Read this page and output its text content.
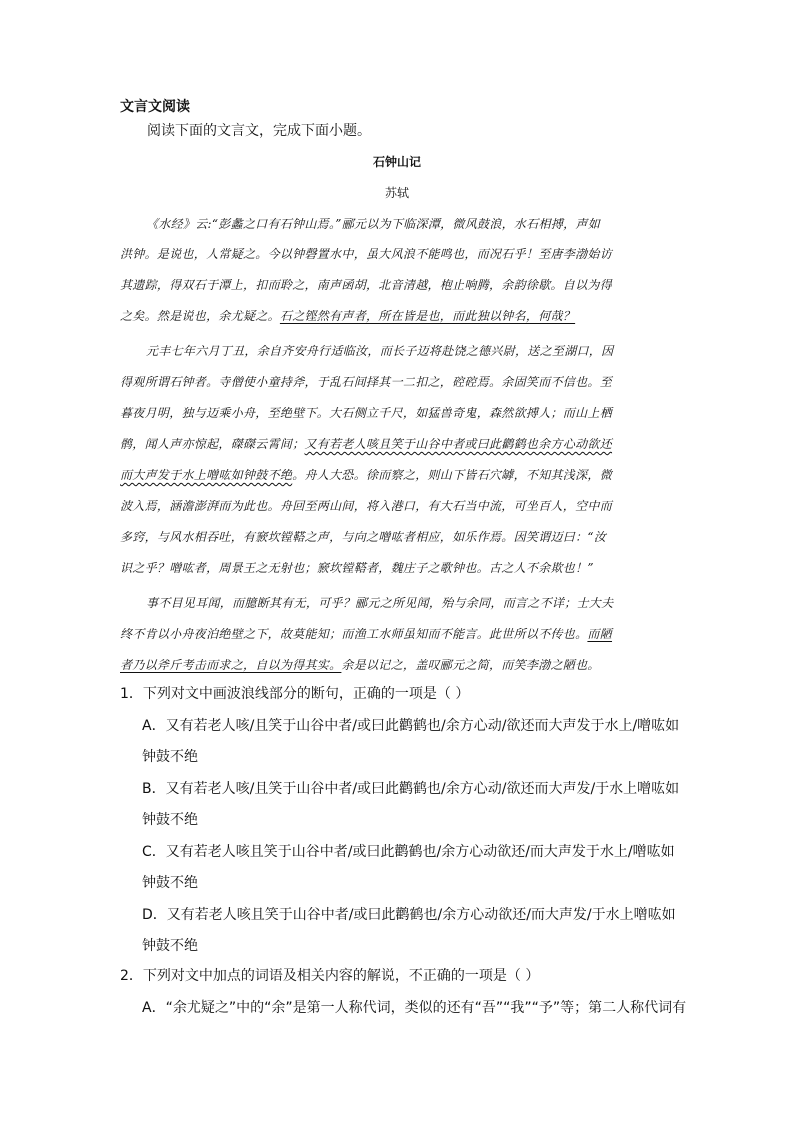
文言文阅读
阅读下面的文言文，完成下面小题。
石钟山记
苏轼
《水经》云:“彭蠡之口有石钟山焉。”郦元以为下临深潭，微风鼓浪，水石相搏，声如
洪钟。是说也，人常疑之。今以钟磬置水中，虽大风浪不能鸣也，而况石乎！至唐李渤始访
其遗踪，得双石于潭上，扣而聆之，南声函胡，北音清越，枹止响腾，余韵徐歇。自以为得
之矣。然是说也，余尤疑之。石之铿然有声者，所在皆是也，而此独以钟名，何哉？
元丰七年六月丁丑，余自齐安舟行适临汝，而长子迈将赴饶之德兴尉，送之至湖口，因
得观所谓石钟者。寺僧使小童持斧，于乱石间择其一二扣之，硿硿焉。余固笑而不信也。至
暮夜月明，独与迈乘小舟，至绝壁下。大石侧立千尺，如猛兽奇鬼，森然欲搏人；而山上栖
鹘，闻人声亦惊起，磔磔云霄间；又有若老人咳且笑于山谷中者或曰此鹳鹤也余方心动欲还
而大声发于水上噌吰如钟鼓不绝。舟人大恐。徐而察之，则山下皆石穴罅，不知其浅深，微
波入焉，涵澹澎湃而为此也。舟回至两山间，将入港口，有大石当中流，可坐百人，空中而
多窍，与风水相吞吐，有窾坎镗鞳之声，与向之噌吰者相应，如乐作焉。因笑谓迈曰：“汝
识之乎？噌吰者，周景王之无射也；窾坎镗鞳者，魏庄子之歌钟也。古之人不余欺也！”
事不目见耳闻，而臆断其有无，可乎？郦元之所见闻，殆与余同，而言之不详；士大夫
终不肯以小舟夜泊绝壁之下，故莫能知；而渔工水师虽知而不能言。此世所以不传也。而陋
者乃以斧斤考击而求之，自以为得其实。余是以记之，盖叹郦元之简，而笑李渤之陋也。
1．下列对文中画波浪线部分的断句，正确的一项是（ ）
A．又有若老人咳/且笑于山谷中者/或曰此鹳鹤也/余方心动/欲还而大声发于水上/噌吰如
钟鼓不绝
B．又有若老人咳/且笑于山谷中者/或曰此鹳鹤也/余方心动/欲还而大声发/于水上噌吰如
钟鼓不绝
C．又有若老人咳且笑于山谷中者/或曰此鹳鹤也/余方心动欲还/而大声发于水上/噌吰如
钟鼓不绝
D．又有若老人咳且笑于山谷中者/或曰此鹳鹤也/余方心动欲还/而大声发/于水上噌吰如
钟鼓不绝
2．下列对文中加点的词语及相关内容的解说，不正确的一项是（ ）
A．“余尤疑之”中的“余”是第一人称代词，类似的还有“吾”“我”“予”等；第二人称代词有
